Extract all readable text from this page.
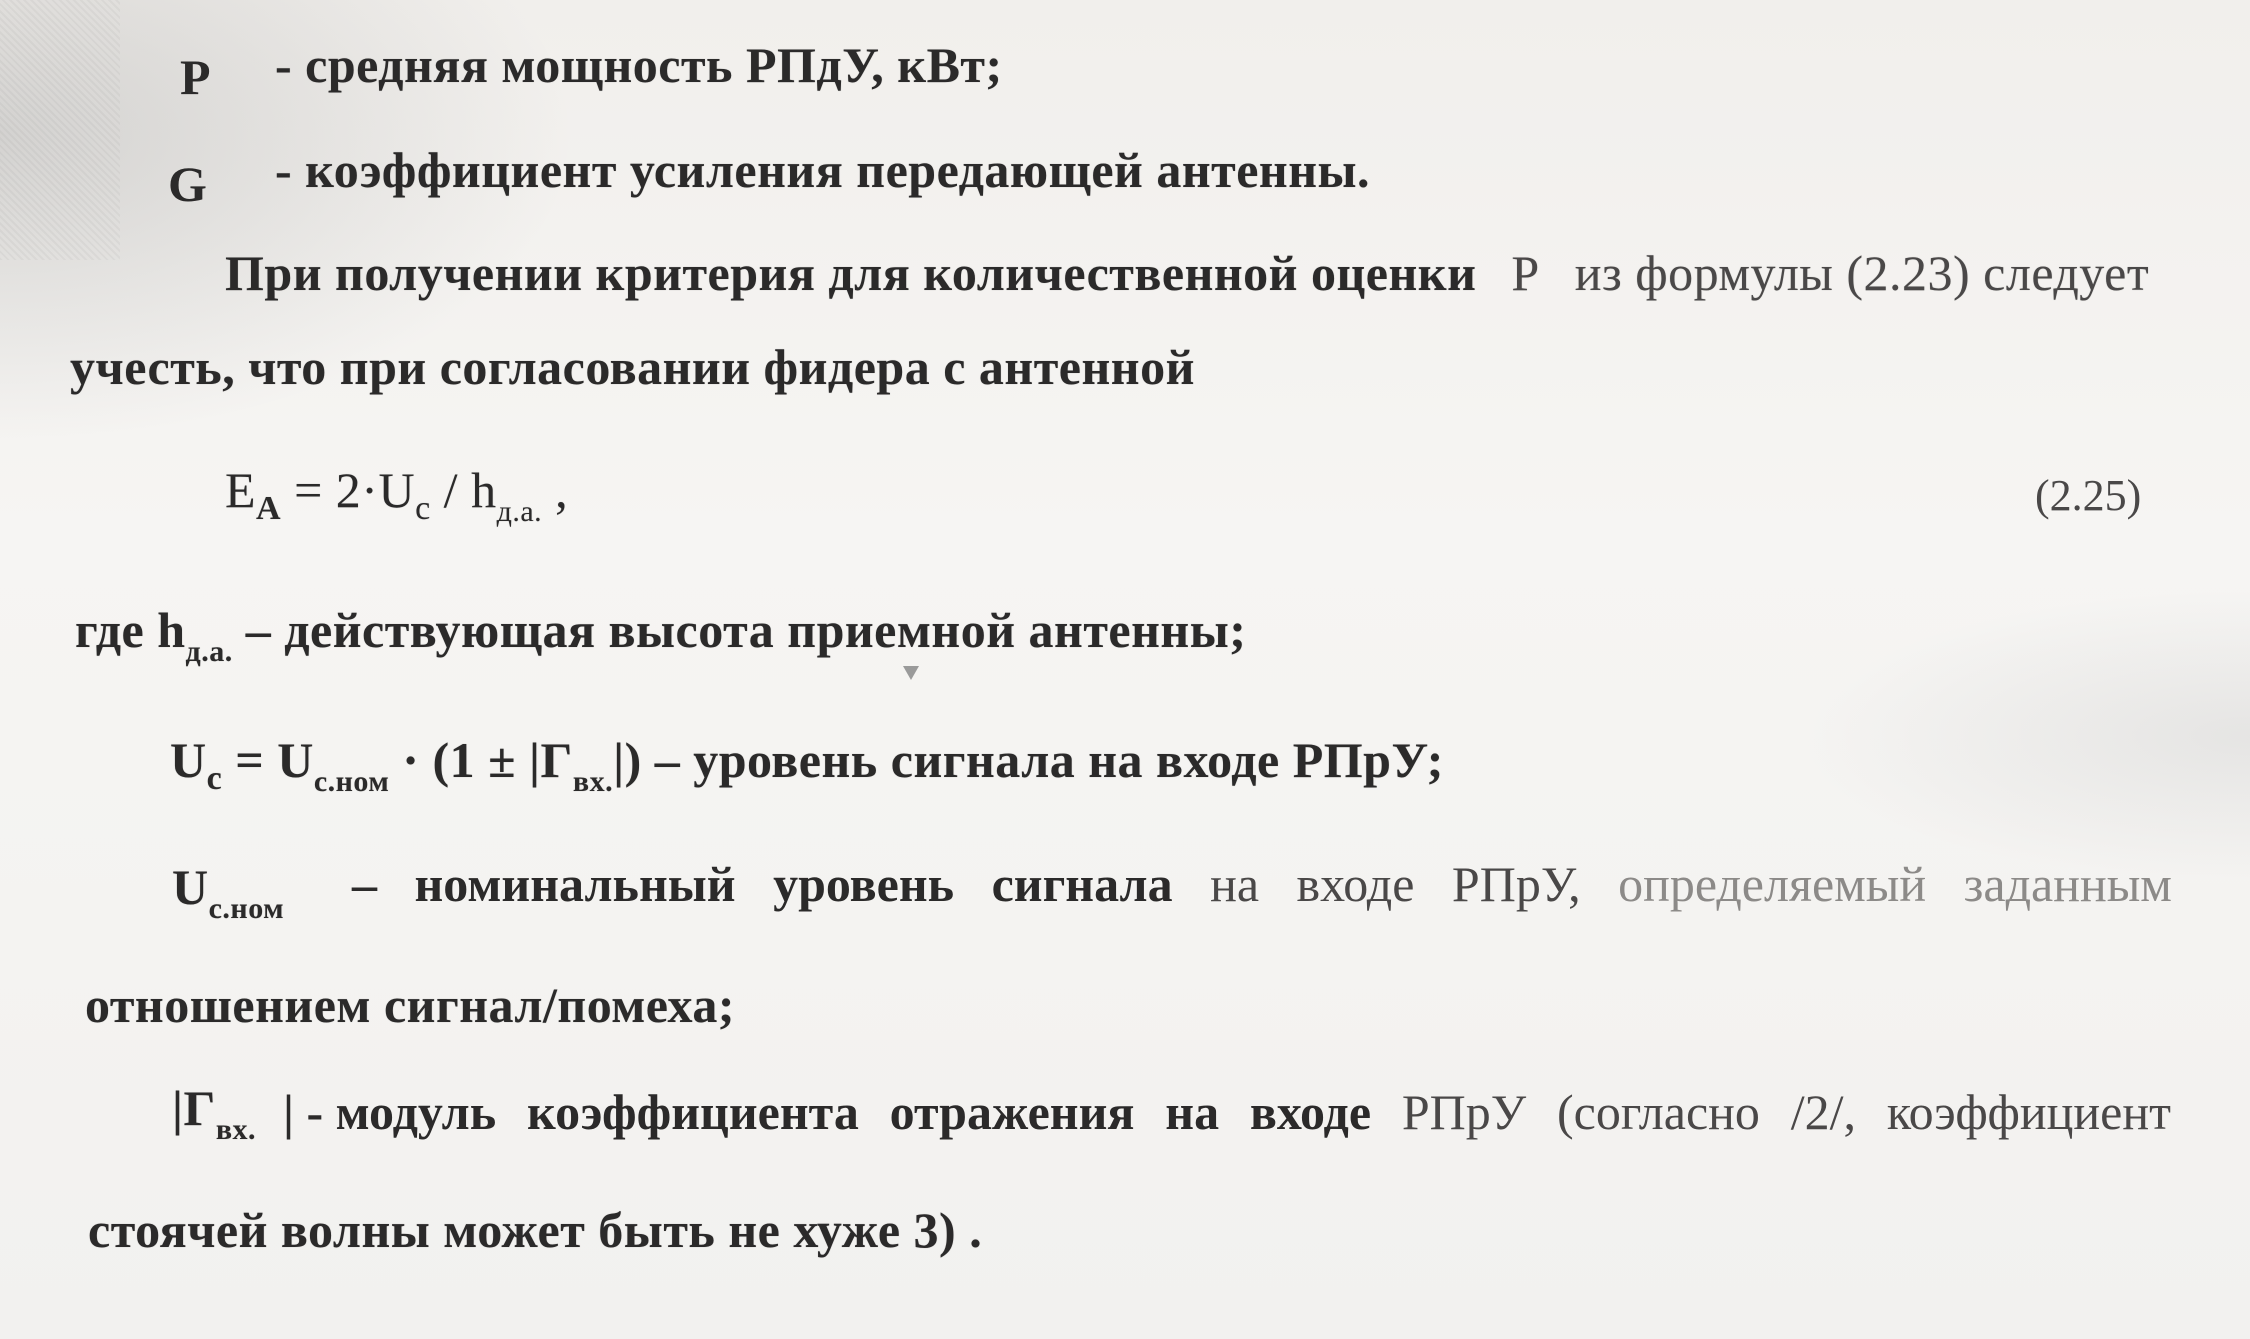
P - средняя мощность РПдУ, кВт;
G - коэффициент усиления передающей антенны.
При получении критерия для количественной оценки P из формулы (2.23) следует
учесть, что при согласовании фидера с антенной
$E_A = 2\cdot U_c / h_{д.а.}$ ,	(2.25)
где $h_{д.а.}$ – действующая высота приемной антенны;
$U_c = U_{с.ном} \cdot (1 \pm |\Gamma_{вх.}|)$ – уровень сигнала на входе РПрУ;
$U_{с.ном}$ – номинальный уровень сигнала на входе РПрУ, определяемый заданным
отношением сигнал/помеха;
$|\Gamma_{вх.}$ | - модуль коэффициента отражения на входе РПрУ (согласно /2/, коэффициент
стоячей волны может быть не хуже 3) .
